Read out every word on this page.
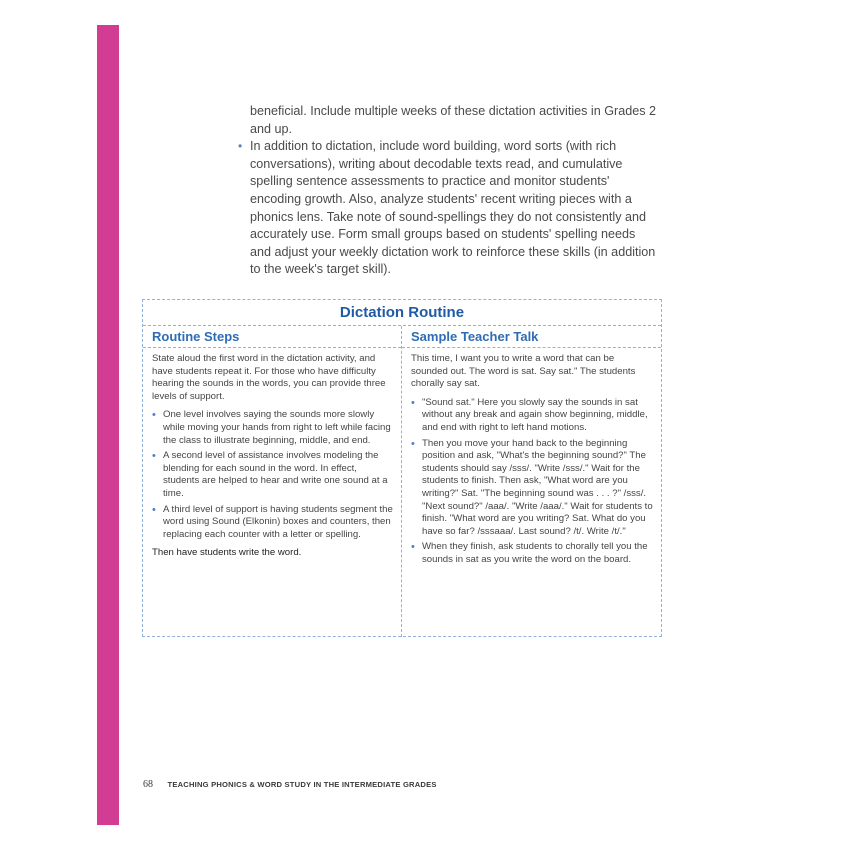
beneficial. Include multiple weeks of these dictation activities in Grades 2 and up.

• In addition to dictation, include word building, word sorts (with rich conversations), writing about decodable texts read, and cumulative spelling sentence assessments to practice and monitor students' encoding growth. Also, analyze students' recent writing pieces with a phonics lens. Take note of sound-spellings they do not consistently and accurately use. Form small groups based on students' spelling needs and adjust your weekly dictation work to reinforce these skills (in addition to the week's target skill).
Dictation Routine
Routine Steps

State aloud the first word in the dictation activity, and have students repeat it. For those who have difficulty hearing the sounds in the words, you can provide three levels of support.

• One level involves saying the sounds more slowly while moving your hands from right to left while facing the class to illustrate beginning, middle, and end.
• A second level of assistance involves modeling the blending for each sound in the word. In effect, students are helped to hear and write one sound at a time.
• A third level of support is having students segment the word using Sound (Elkonin) boxes and counters, then replacing each counter with a letter or spelling.

Then have students write the word.

Sample Teacher Talk

This time, I want you to write a word that can be sounded out. The word is sat. Say sat." The students chorally say sat.

• "Sound sat." Here you slowly say the sounds in sat without any break and again show beginning, middle, and end with right to left hand motions.
• Then you move your hand back to the beginning position and ask, "What's the beginning sound?" The students should say /sss/. "Write /sss/." Wait for the students to finish. Then ask, "What word are you writing?" Sat. "The beginning sound was . . . ?" /sss/. "Next sound?" /aaa/. "Write /aaa/." Wait for students to finish. "What word are you writing? Sat. What do you have so far? /sssaaa/. Last sound? /t/. Write /t/."
• When they finish, ask students to chorally tell you the sounds in sat as you write the word on the board.
68 TEACHING PHONICS & WORD STUDY IN THE INTERMEDIATE GRADES
